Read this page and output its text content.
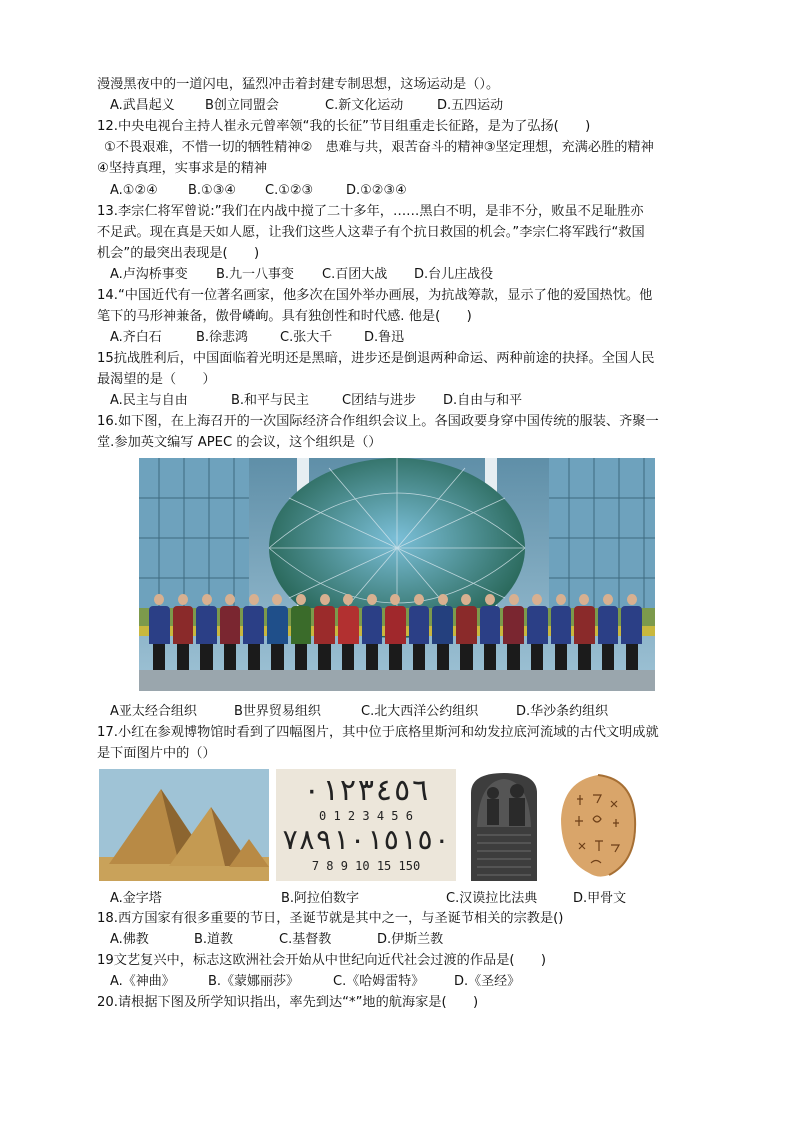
漫漫黑夜中的一道闪电，猛烈冲击着封建专制思想，这场运动是（）。
A.武昌起义 B创立同盟会	C.新文化运动	D.五四运动
12.中央电视台主持人崔永元曾率领“我的长征”节目组重走长征路，是为了弘扬(　　)
①不畏艰难，不惜一切的牺牲精神②　患难与共，艰苦奋斗的精神③坚定理想，充满必胜的精神
④坚持真理，实事求是的精神
A.①②④ B.①③④ C.①②③	D.①②③④
13.李宗仁将军曾说:”我们在内战中搅了二十多年，……黑白不明，是非不分，败虽不足耻胜亦
不足武。现在真是天如人愿，让我们这些人这辈子有个抗日救国的机会。”李宗仁将军践行“救国
机会”的最突出表现是(　　)
A.卢沟桥事变 B.九一八事变 C.百团大战 D.台儿庄战役
14.“中国近代有一位著名画家，他多次在国外举办画展，为抗战筹款，显示了他的爱国热忱。他
笔下的马形神兼备，傲骨嶙峋。具有独创性和时代感. 他是(　　)
A.齐白石	B.徐悲鸿 C.张大千 D.鲁迅
15抗战胜利后，中国面临着光明还是黑暗，进步还是倒退两种命运、两种前途的抉择。全国人民
最渴望的是（　　）
A.民主与自由	B.和平与民主	C团结与进步 D.自由与和平
16.如下图，在上海召开的一次国际经济合作组织会议上。各国政要身穿中国传统的服装、齐聚一
堂.参加英文编写 APEC 的会议，这个组织是（）
A亚太经合组织	B世界贸易组织	C.北大西洋公约组织	D.华沙条约组织
17.小红在参观博物馆时看到了四幅图片，其中位于底格里斯河和幼发拉底河流域的古代文明成就
是下面图片中的（）
٠١٢٣٤٥٦
0 1 2 3 4 5 6
٧٨٩١٠١٥١٥٠
7 8 9 10 15 150
A.金字塔	B.阿拉伯数字	C.汉谟拉比法典	D.甲骨文
18.西方国家有很多重要的节日，圣诞节就是其中之一，与圣诞节相关的宗教是()
A.佛教	B.道教	C.基督教	D.伊斯兰教
19文艺复兴中，标志这欧洲社会开始从中世纪向近代社会过渡的作品是(　　)
A.《神曲》	B.《蒙娜丽莎》	C.《哈姆雷特》 D.《圣经》
20.请根据下图及所学知识指出，率先到达“*”地的航海家是(　　)
